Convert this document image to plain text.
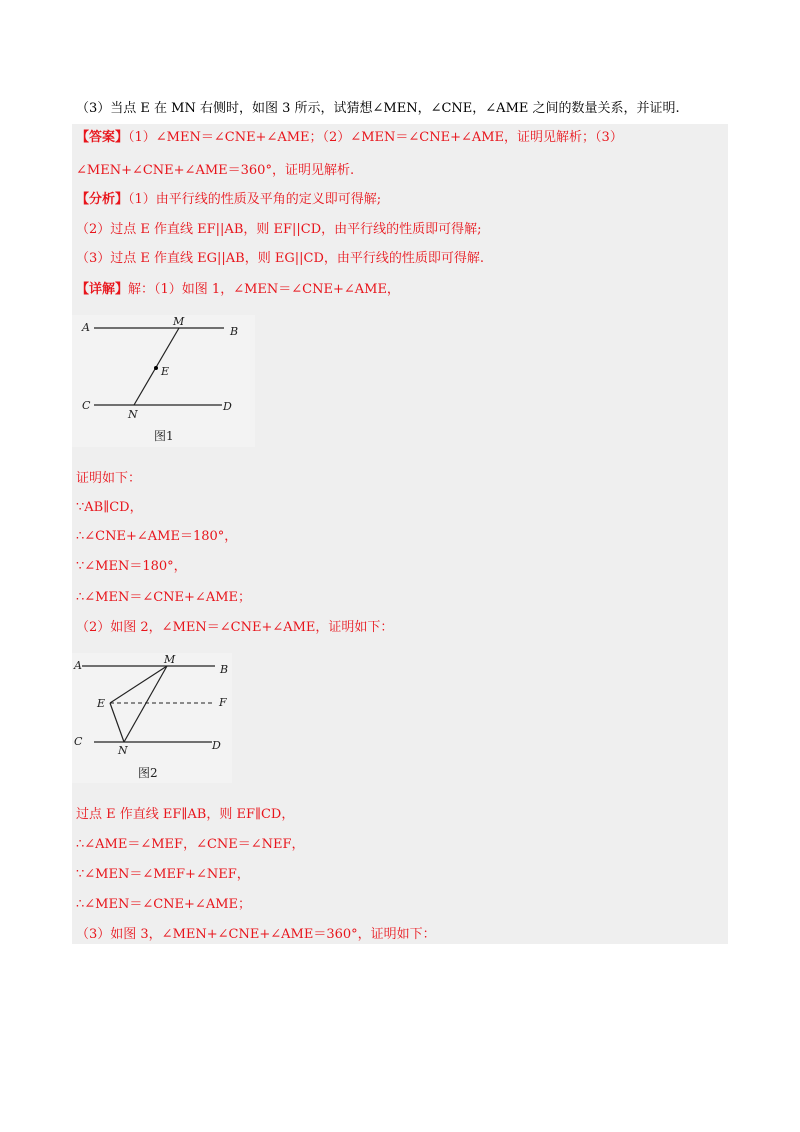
（3）当点 E 在 MN 右侧时，如图 3 所示，试猜想∠MEN，∠CNE，∠AME 之间的数量关系，并证明.
【答案】（1）∠MEN＝∠CNE+∠AME；（2）∠MEN＝∠CNE+∠AME，证明见解析；（3）
∠MEN+∠CNE+∠AME＝360°，证明见解析.
【分析】（1）由平行线的性质及平角的定义即可得解;
（2）过点 E 作直线 EF||AB，则 EF||CD，由平行线的性质即可得解;
（3）过点 E 作直线 EG||AB，则 EG||CD，由平行线的性质即可得解.
【详解】解：（1）如图 1，∠MEN＝∠CNE+∠AME，
A	M
B
E
C
N
D
图1
证明如下：
∵AB∥CD，
∴∠CNE+∠AME＝180°，
∵∠MEN＝180°，
∴∠MEN＝∠CNE+∠AME；
（2）如图 2，∠MEN＝∠CNE+∠AME，证明如下：
A	M
B
E	F
C
N	D
图2
过点 E 作直线 EF∥AB，则 EF∥CD，
∴∠AME＝∠MEF，∠CNE＝∠NEF，
∵∠MEN＝∠MEF+∠NEF，
∴∠MEN＝∠CNE+∠AME；
（3）如图 3，∠MEN+∠CNE+∠AME＝360°，证明如下：
